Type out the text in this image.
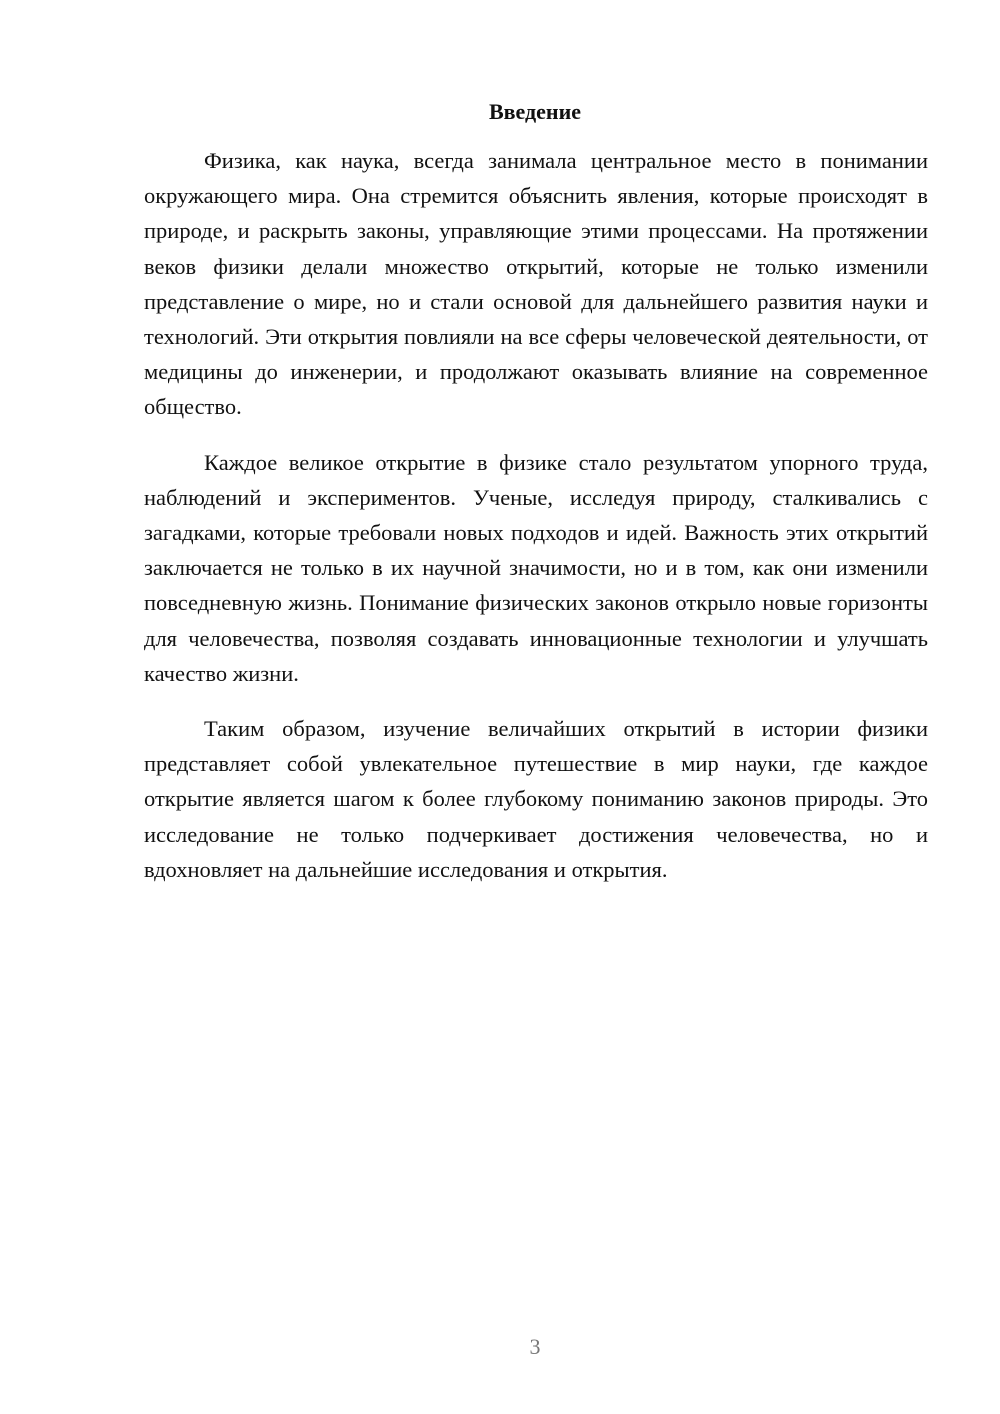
Введение

Физика, как наука, всегда занимала центральное место в понимании окружающего мира. Она стремится объяснить явления, которые происходят в природе, и раскрыть законы, управляющие этими процессами. На протяжении веков физики делали множество открытий, которые не только изменили представление о мире, но и стали основой для дальнейшего развития науки и технологий. Эти открытия повлияли на все сферы человеческой деятельности, от медицины до инженерии, и продолжают оказывать влияние на современное общество.

Каждое великое открытие в физике стало результатом упорного труда, наблюдений и экспериментов. Ученые, исследуя природу, сталкивались с загадками, которые требовали новых подходов и идей. Важность этих открытий заключается не только в их научной значимости, но и в том, как они изменили повседневную жизнь. Понимание физических законов открыло новые горизонты для человечества, позволяя создавать инновационные технологии и улучшать качество жизни.

Таким образом, изучение величайших открытий в истории физики представляет собой увлекательное путешествие в мир науки, где каждое открытие является шагом к более глубокому пониманию законов природы. Это исследование не только подчеркивает достижения человечества, но и вдохновляет на дальнейшие исследования и открытия.

3
